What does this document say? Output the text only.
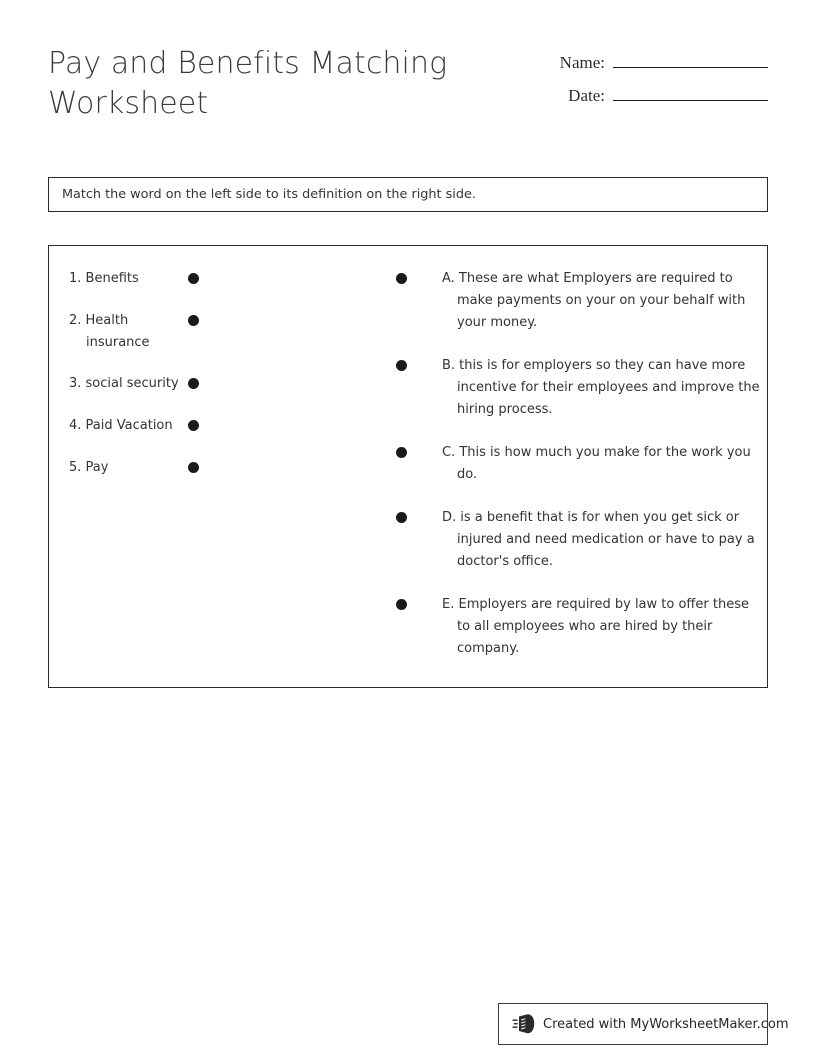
Pay and Benefits Matching Worksheet
Name:
Date:
Match the word on the left side to its definition on the right side.
1. Benefits
2. Health insurance
3. social security
4. Paid Vacation
5. Pay
A. These are what Employers are required to make payments on your on your behalf with your money.
B. this is for employers so they can have more incentive for their employees and improve the hiring process.
C. This is how much you make for the work you do.
D. is a benefit that is for when you get sick or injured and need medication or have to pay a doctor's office.
E. Employers are required by law to offer these to all employees who are hired by their company.
Created with MyWorksheetMaker.com
